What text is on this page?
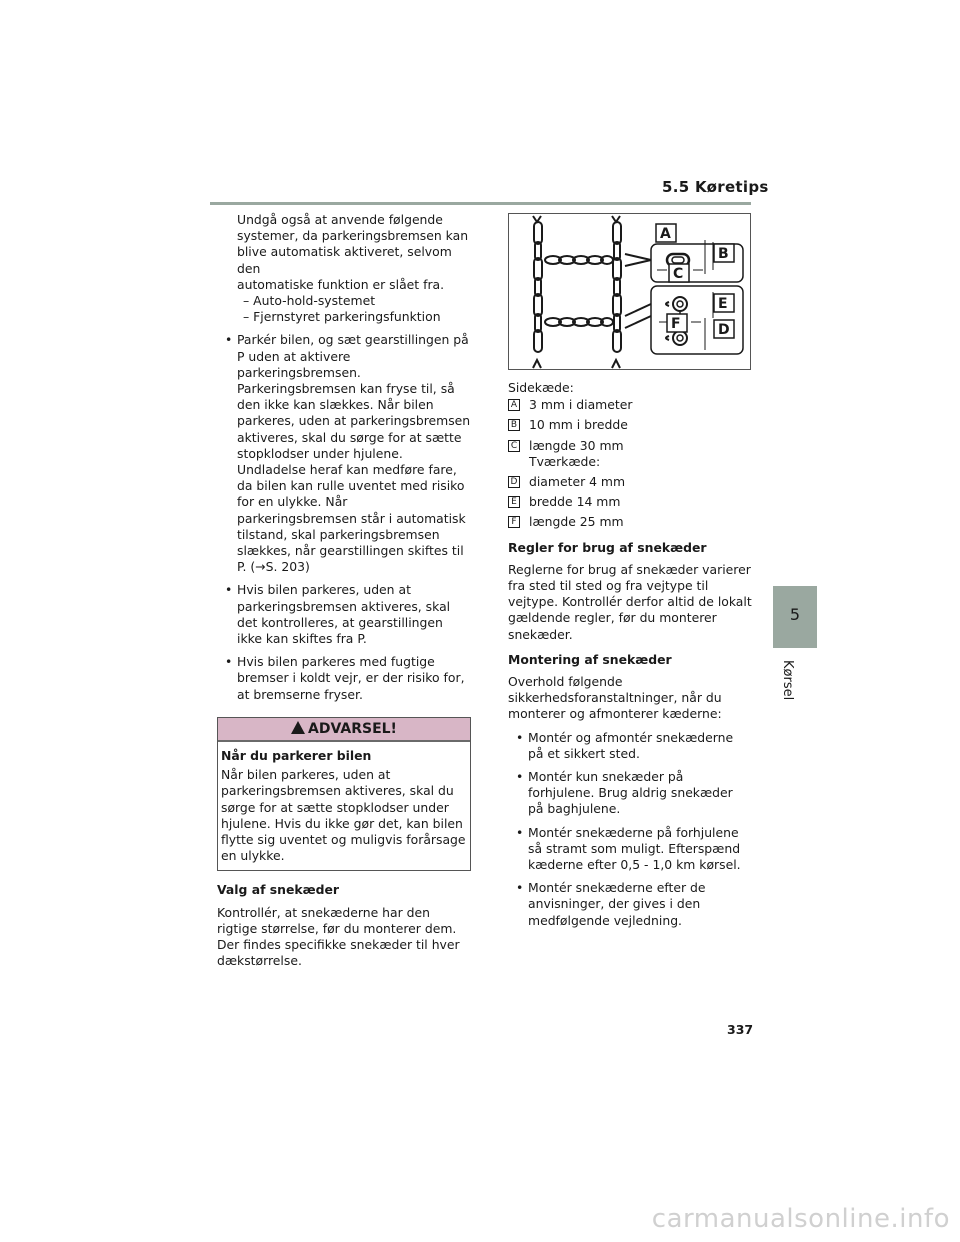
5.5 Køretips

Undgå også at anvende følgende

systemer, da parkeringsbremsen kan

blive automatisk aktiveret, selvom den

automatiske funktion er slået fra.

– Auto-hold-systemet
– Fjernstyret parkeringsfunktion
• Parkér bilen, og sæt gearstillingen på P uden at aktivere parkeringsbremsen. Parkeringsbremsen kan fryse til, så den ikke kan slækkes. Når bilen parkeres, uden at parkeringsbremsen aktiveres, skal du sørge for at sætte stopklodser under hjulene. Undladelse heraf kan medføre fare, da bilen kan rulle uventet med risiko for en ulykke. Når parkeringsbremsen står i automatisk tilstand, skal parkeringsbremsen slækkes, når gearstillingen skiftes til P. (→S. 203)
• Hvis bilen parkeres, uden at parkeringsbremsen aktiveres, skal det kontrolleres, at gearstillingen ikke kan skiftes fra P.
• Hvis bilen parkeres med fugtige bremser i koldt vejr, er der risiko for, at bremserne fryser.
ADVARSEL!
Når du parkerer bilen
Når bilen parkeres, uden at parkeringsbremsen aktiveres, skal du sørge for at sætte stopklodser under hjulene. Hvis du ikke gør det, kan bilen flytte sig uventet og muligvis forårsage en ulykke.
Valg af snekæder
Kontrollér, at snekæderne har den rigtige størrelse, før du monterer dem. Der findes specifikke snekæder til hver dækstørrelse.
A
B
C
E
F	D
Sidekæde:
A 3 mm i diameter
B 10 mm i bredde
C længde 30 mm
Tværkæde:
D diameter 4 mm
E bredde 14 mm
F længde 25 mm
Regler for brug af snekæder
Reglerne for brug af snekæder varierer fra sted til sted og fra vejtype til vejtype. Kontrollér derfor altid de lokalt gældende regler, før du monterer snekæder.
Montering af snekæder
Overhold følgende sikkerhedsforanstaltninger, når du monterer og afmonterer kæderne:
• Montér og afmontér snekæderne på et sikkert sted.
• Montér kun snekæder på forhjulene. Brug aldrig snekæder på baghjulene.
• Montér snekæderne på forhjulene så stramt som muligt. Efterspænd kæderne efter 0,5 - 1,0 km kørsel.
• Montér snekæderne efter de anvisninger, der gives i den medfølgende vejledning.
5
Kørsel
337
carmanualsonline.info
